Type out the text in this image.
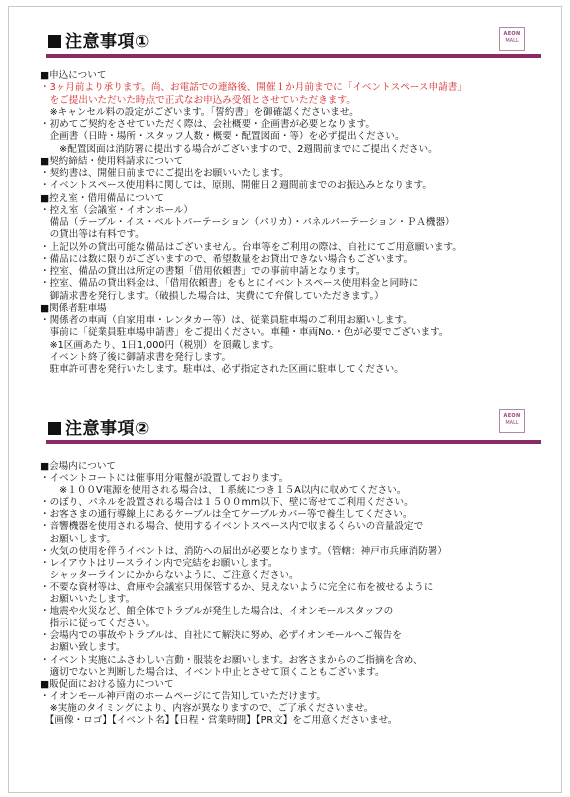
注意事項①	AEON
MALL
■申込について
・3ヶ月前より承ります。尚、お電話での連絡後、開催１か月前までに「イベントスペース申請書」
　をご提出いただいた時点で正式なお申込み受領とさせていただきます。
　※キャンセル料の設定がございます。「誓約書」を御確認くださいませ。
・初めてご契約をさせていただく際は、会社概要・企画書が必要となります。
　企画書（日時・場所・スタッフ人数・概要・配置図面・等）を必ず提出ください。
　　※配置図面は消防署に提出する場合がございますので、2週間前までにご提出ください。
■契約締結・使用料請求について
・契約書は、開催日前までにご提出をお願いいたします。
・イベントスペース使用料に関しては、原則、開催日２週間前までのお振込みとなります。
■控え室・借用備品について
・控え室（会議室・イオンホール）
　備品（テーブル・イス・ベルトパーテーション（パリカ）・パネルパーテーション・ＰＡ機器）
　の貸出等は有料です。
・上記以外の貸出可能な備品はございません。台車等をご利用の際は、自社にてご用意願います。
・備品には数に限りがございますので、希望数量をお貸出できない場合もございます。
・控室、備品の貸出は所定の書類「借用依頼書」での事前申請となります。
・控室、備品の貸出料金は、「借用依頼書」をもとにイベントスペース使用料金と同時に
　御請求書を発行します。（破損した場合は、実費にて弁償していただきます。）
■関係者駐車場
・関係者の車両（自家用車・レンタカー等）は、従業員駐車場のご利用お願いします。
　事前に「従業員駐車場申請書」をご提出ください。車種・車両No.・色が必要でございます。
　※1区画あたり、1日1,000円（税別）を頂戴します。
　イベント終了後に御請求書を発行します。
　駐車許可書を発行いたします。駐車は、必ず指定された区画に駐車してください。
注意事項②
AEON
MALL
■会場内について
・イベントコートには催事用分電盤が設置しております。
　　※１００V電源を使用される場合は、１系統につき１５A以内に収めてください。
・のぼり、パネルを設置される場合は１５００mm以下、壁に寄せてご利用ください。
・お客さまの通行導線上にあるケーブルは全てケーブルカバー等で養生してください。
・音響機器を使用される場合、使用するイベントスペース内で収まるくらいの音量設定で
　お願いします。
・火気の使用を伴うイベントは、消防への届出が必要となります。（管轄：神戸市兵庫消防署）
・レイアウトはリースライン内で完結をお願いします。
　シャッターラインにかからないように、ご注意ください。
・不要な資材等は、倉庫や会議室只用保管するか、見えないように完全に布を被せるように
　お願いいたします。
・地震や火災など、館全体でトラブルが発生した場合は、イオンモールスタッフの
　指示に従ってください。
・会場内での事故やトラブルは、自社にて解決に努め、必ずイオンモールへご報告を
　お願い致します。
・イベント実施にふさわしい言動・服装をお願いします。お客さまからのご指摘を含め、
　適切でないと判断した場合は、イベント中止とさせて頂くこともございます。
■販促面における協力について
・イオンモール神戸南のホームページにて告知していただけます。
　※実施のタイミングにより、内容が異なりますので、ご了承くださいませ。
　【画像・ロゴ】【イベント名】【日程・営業時間】【PR文】をご用意くださいませ。
